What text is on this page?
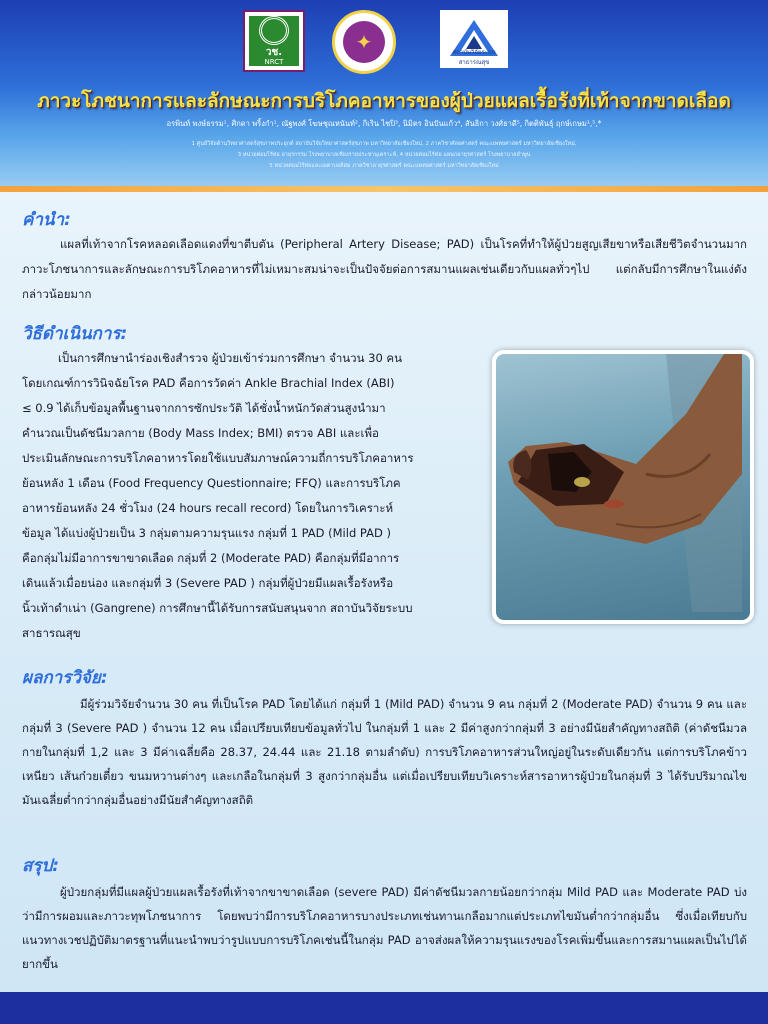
วช.
NRCT
✦	สถาบันวิจัยระบบสาธารณสุข
ภาวะโภชนาการและลักษณะการบริโภคอาหารของผู้ป่วยแผลเรื้อรังที่เท้าจากขาดเลือด
อรพินท์ พงษ์ธรรม¹, ศิกดา พริ้งกำ¹, ณัฐพงศ์ โฆษชุณหนันท์², กิเริน ไชปิ³, นิมิตร อินปันแก้ว⁴, สันธิกา วงศ์ธาดี⁵, กิตติพันธุ์ ฤกษ์เกษม¹,⁵,*
1 ศูนย์วิจัยด้านวิทยาศาสตร์สุขภาพประยุกต์ สถาบันวิจัยวิทยาศาสตร์สุขภาพ มหาวิทยาลัยเชียงใหม่, 2 ภาควิชาศัลยศาสตร์ คณะแพทยศาสตร์ มหาวิทยาลัยเชียงใหม่,
3 หน่วยต่อมไร้ท่อ อายุรกรรม โรงพยาบาลเชียงรายประชานุเคราะห์, 4 หน่วยต่อมไร้ท่อ แผนกอายุรศาสตร์ โรงพยาบาลลำพูน
5 หน่วยต่อมไร้ท่อและเมตาบอลิสม ภาควิชาอายุรศาสตร์ คณะแพทยศาสตร์ มหาวิทยาลัยเชียงใหม่
คำนำ:

แผลที่เท้าจากโรคหลอดเลือดแดงที่ขาตีบตัน (Peripheral Artery Disease; PAD) เป็นโรคที่ทำให้ผู้ป่วยสูญเสียขาหรือเสียชีวิตจำนวนมาก ภาวะโภชนาการและลักษณะการบริโภคอาหารที่ไม่เหมาะสมน่าจะเป็นปัจจัยต่อการสมานแผลเช่นเดียวกับแผลทั่วๆไป แต่กลับมีการศึกษาในแง่ดังกล่าวน้อยมาก

วิธีดำเนินการ:
เป็นการศึกษานำร่องเชิงสำรวจ ผู้ป่วยเข้าร่วมการศึกษา จำนวน 30 คน
โดยเกณฑ์การวินิจฉัยโรค PAD คือการวัดค่า Ankle Brachial Index (ABI)
≤ 0.9 ได้เก็บข้อมูลพื้นฐานจากการซักประวัติ ได้ชั่งน้ำหนักวัดส่วนสูงนำมา
คำนวณเป็นดัชนีมวลกาย (Body Mass Index; BMI) ตรวจ ABI และเพื่อ
ประเมินลักษณะการบริโภคอาหารโดยใช้แบบสัมภาษณ์ความถี่การบริโภคอาหาร
ย้อนหลัง 1 เดือน (Food Frequency Questionnaire; FFQ) และการบริโภค
อาหารย้อนหลัง 24 ชั่วโมง (24 hours recall record) โดยในการวิเคราะห์
ข้อมูล ได้แบ่งผู้ป่วยเป็น 3 กลุ่มตามความรุนแรง กลุ่มที่ 1 PAD (Mild PAD )
คือกลุ่มไม่มีอาการขาขาดเลือด กลุ่มที่ 2 (Moderate PAD) คือกลุ่มที่มีอาการ
เดินแล้วเมื่อยน่อง และกลุ่มที่ 3 (Severe PAD ) กลุ่มที่ผู้ป่วยมีแผลเรื้อรังหรือ
นิ้วเท้าดำเน่า (Gangrene) การศึกษานี้ได้รับการสนับสนุนจาก สถาบันวิจัยระบบ
สาธารณสุข
ผลการวิจัย:

มีผู้ร่วมวิจัยจำนวน 30 คน ที่เป็นโรค PAD โดยได้แก่ กลุ่มที่ 1 (Mild PAD) จำนวน 9 คน กลุ่มที่ 2 (Moderate PAD) จำนวน 9 คน และ กลุ่มที่ 3 (Severe PAD ) จำนวน 12 คน เมื่อเปรียบเทียบข้อมูลทั่วไป ในกลุ่มที่ 1 และ 2 มีค่าสูงกว่ากลุ่มที่ 3 อย่างมีนัยสำคัญทางสถิติ (ค่าดัชนีมวลกายในกลุ่มที่ 1,2 และ 3 มีค่าเฉลี่ยคือ 28.37, 24.44 และ 21.18 ตามลำดับ) การบริโภคอาหารส่วนใหญ่อยู่ในระดับเดียวกัน แต่การบริโภคข้าวเหนียว เส้นก๋วยเตี๋ยว ขนมหวานต่างๆ และเกลือในกลุ่มที่ 3 สูงกว่ากลุ่มอื่น แต่เมื่อเปรียบเทียบวิเคราะห์สารอาหารผู้ป่วยในกลุ่มที่ 3 ได้รับปริมาณไขมันเฉลี่ยต่ำกว่ากลุ่มอื่นอย่างมีนัยสำคัญทางสถิติ

สรุป:

ผู้ป่วยกลุ่มที่มีแผลผู้ป่วยแผลเรื้อรังที่เท้าจากขาขาดเลือด (severe PAD) มีค่าดัชนีมวลกายน้อยกว่ากลุ่ม Mild PAD และ Moderate PAD บ่งว่ามีการผอมและภาวะทุพโภชนาการ โดยพบว่ามีการบริโภคอาหารบางประเภทเช่นทานเกลือมากแต่ประเภทไขมันต่ำกว่ากลุ่มอื่น ซึ่งเมื่อเทียบกับแนวทางเวชปฏิบัติมาตรฐานที่แนะนำพบว่ารูปแบบการบริโภคเช่นนี้ในกลุ่ม PAD อาจส่งผลให้ความรุนแรงของโรคเพิ่มขึ้นและการสมานแผลเป็นไปได้ยากขึ้น
